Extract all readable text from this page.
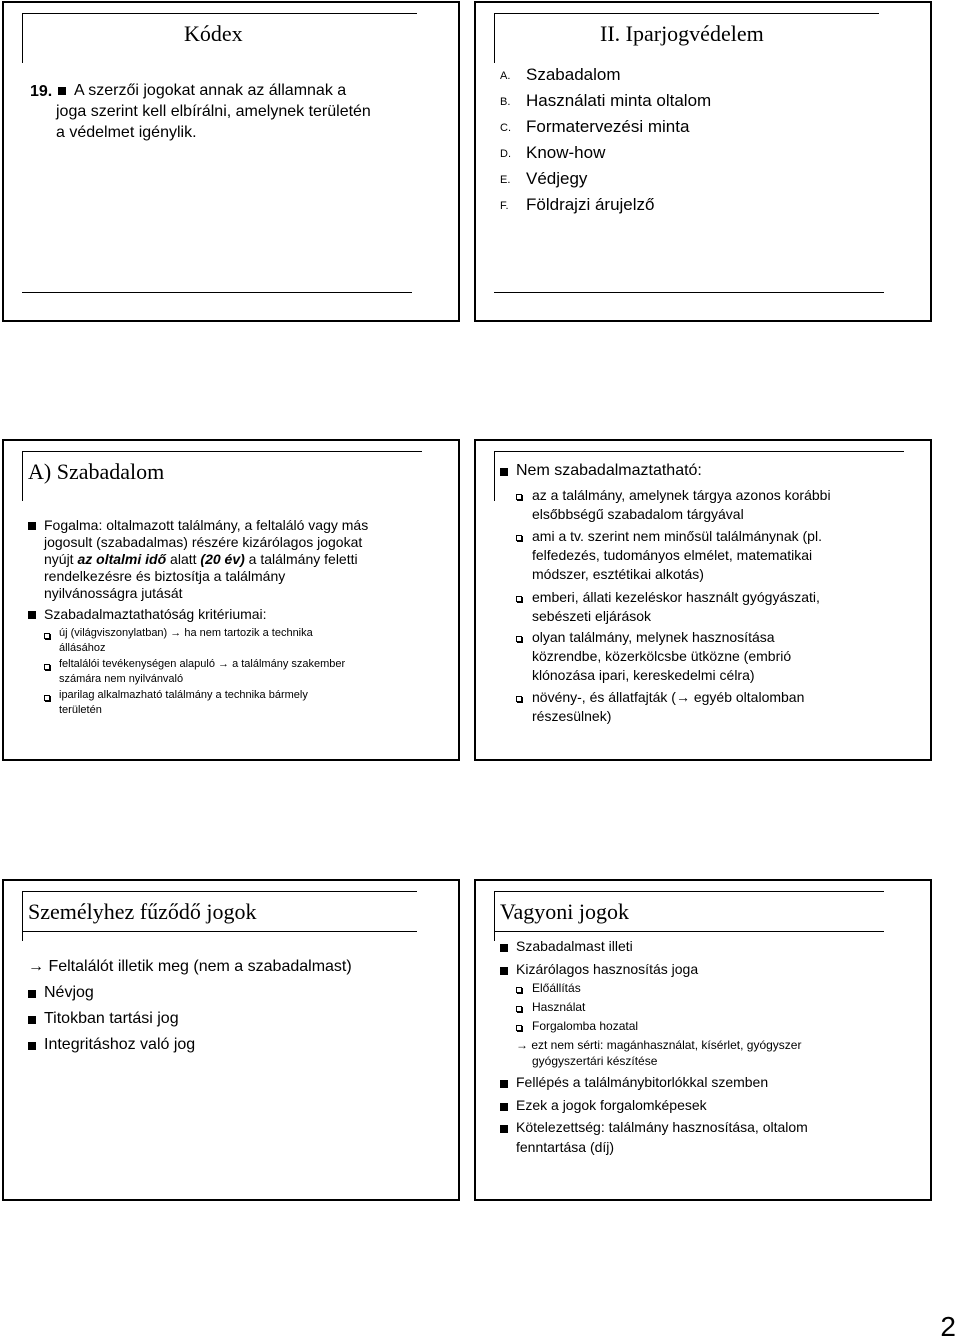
Kódex
19. A szerzői jogokat annak az államnak a
joga szerint kell elbírálni, amelynek területén
a védelmet igénylik.
II. Iparjogvédelem
A. Szabadalom
B. Használati minta oltalom
C. Formatervezési minta
D. Know-how
E. Védjegy
F. Földrajzi árujelző
A) Szabadalom
Fogalma: oltalmazott találmány, a feltaláló vagy más
jogosult (szabadalmas) részére kizárólagos jogokat
nyújt az oltalmi idő alatt (20 év) a találmány feletti
rendelkezésre és biztosítja a találmány
nyilvánosságra jutását
Szabadalmaztathatóság kritériumai:
új (világviszonylatban) → ha nem tartozik a technika
állásához
feltalálói tevékenységen alapuló → a találmány szakember
számára nem nyilvánvaló
iparilag alkalmazható találmány a technika bármely
területén
Nem szabadalmaztatható:
az a találmány, amelynek tárgya azonos korábbi
elsőbbségű szabadalom tárgyával
ami a tv. szerint nem minősül találmánynak (pl.
felfedezés, tudományos elmélet, matematikai
módszer, esztétikai alkotás)
emberi, állati kezeléskor használt gyógyászati,
sebészeti eljárások
olyan találmány, melynek hasznosítása
közrendbe, közerkölcsbe ütközne (embrió
klónozása ipari, kereskedelmi célra)
növény-, és állatfajták (→ egyéb oltalomban
részesülnek)
Személyhez fűződő jogok
→ Feltalálót illetik meg (nem a szabadalmast)
Névjog
Titokban tartási jog
Integritáshoz való jog
Vagyoni jogok
Szabadalmast illeti
Kizárólagos hasznosítás joga
Előállítás
Használat
Forgalomba hozatal
→ ezt nem sérti: magánhasználat, kísérlet, gyógyszer
gyógyszertári készítése
Fellépés a találmánybitorlókkal szemben
Ezek a jogok forgalomképesek
Kötelezettség: találmány hasznosítása, oltalom
fenntartása (díj)
2
